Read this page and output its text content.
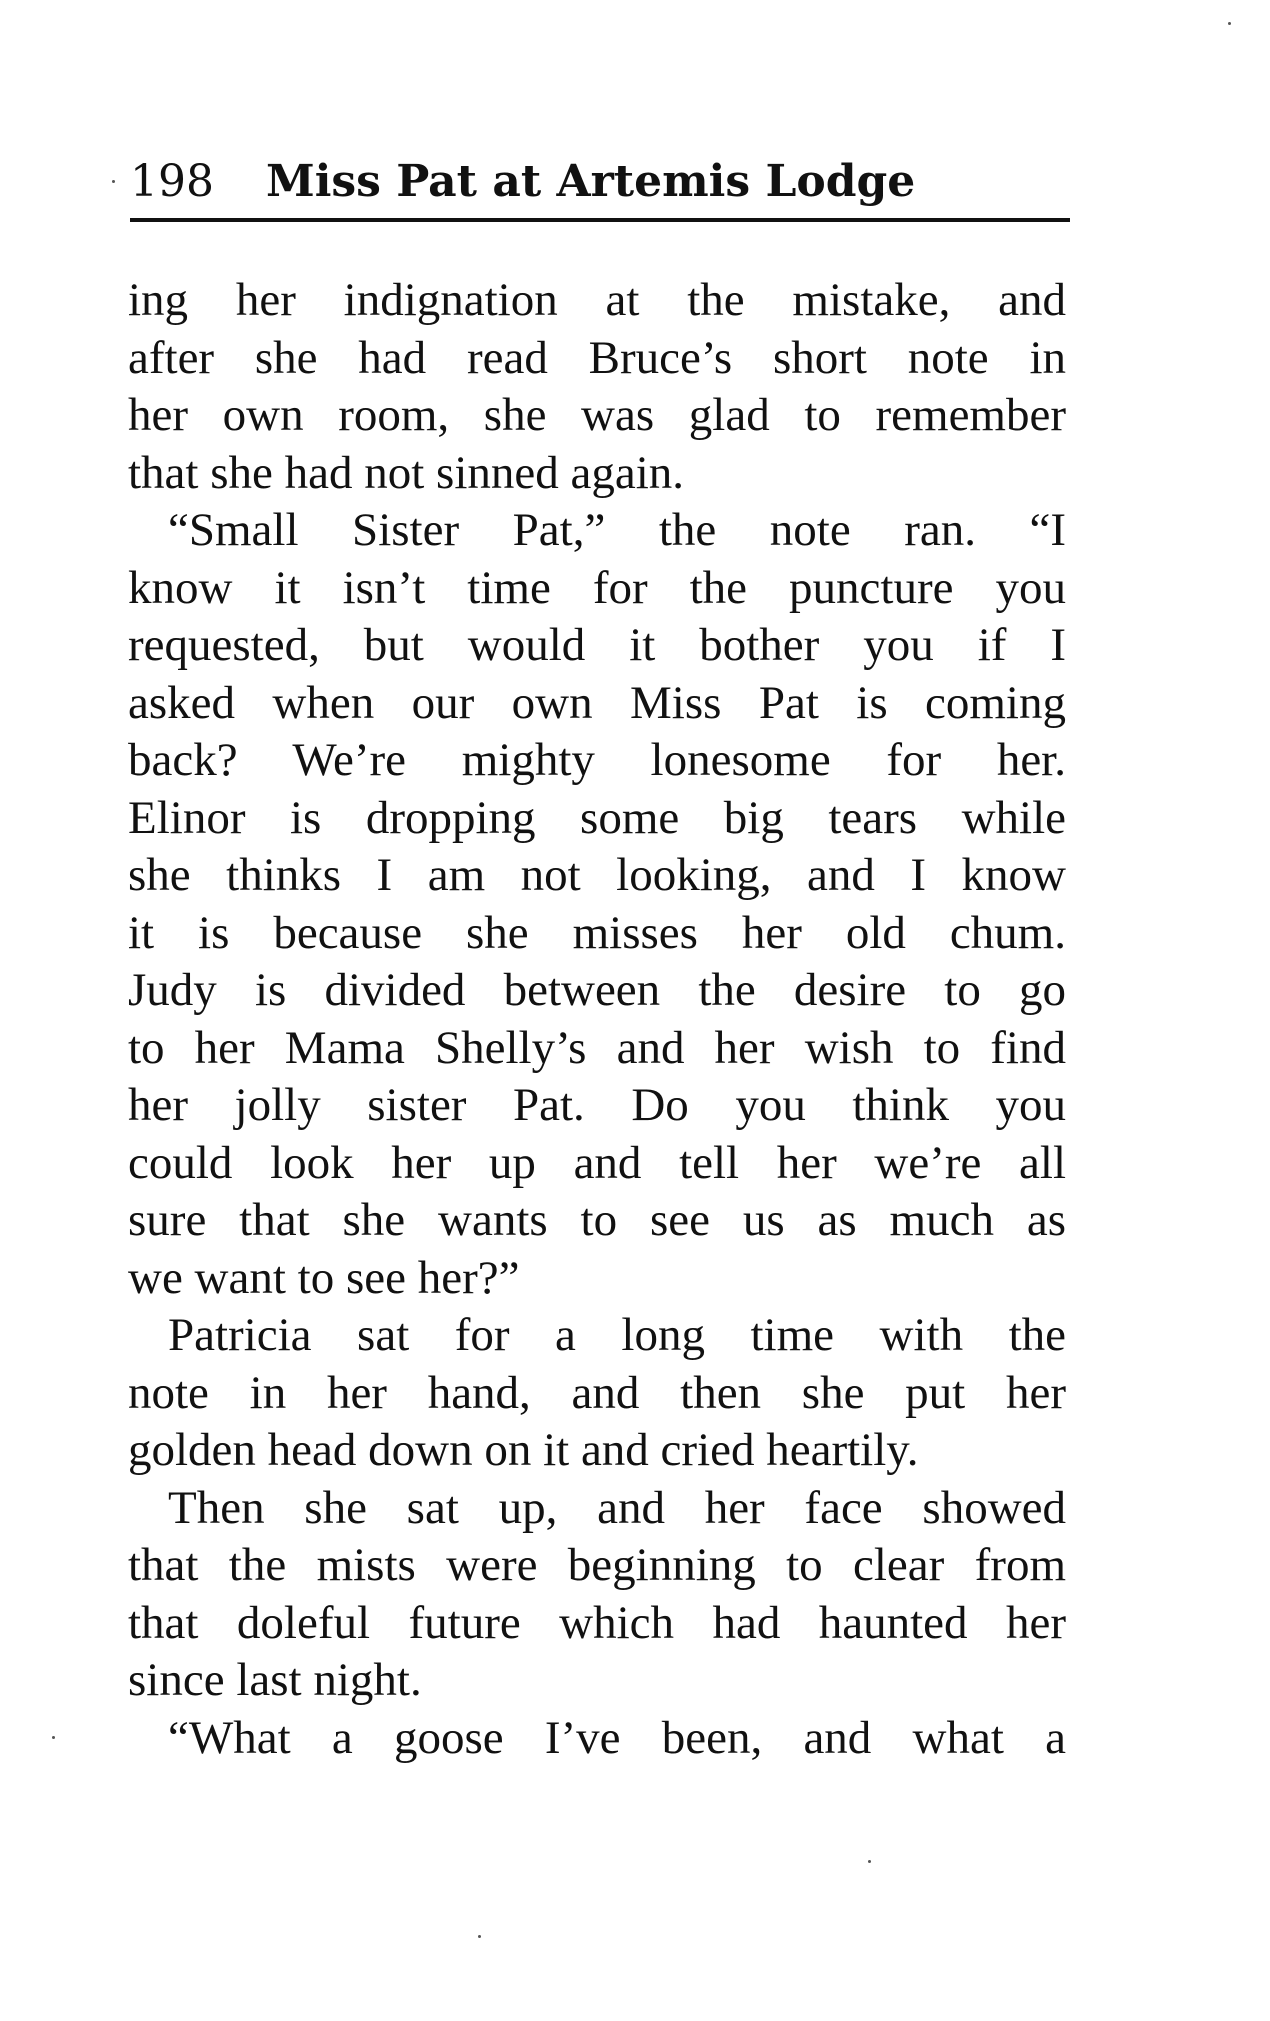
198 Miss Pat at Artemis Lodge
ing her indignation at the mistake, and
after she had read Bruce’s short note in
her own room, she was glad to remember
that she had not sinned again.
“Small Sister Pat,” the note ran. “I
know it isn’t time for the puncture you
requested, but would it bother you if I
asked when our own Miss Pat is coming
back? We’re mighty lonesome for her.
Elinor is dropping some big tears while
she thinks I am not looking, and I know
it is because she misses her old chum.
Judy is divided between the desire to go
to her Mama Shelly’s and her wish to find
her jolly sister Pat. Do you think you
could look her up and tell her we’re all
sure that she wants to see us as much as
we want to see her?”
Patricia sat for a long time with the
note in her hand, and then she put her
golden head down on it and cried heartily.
Then she sat up, and her face showed
that the mists were beginning to clear from
that doleful future which had haunted her
since last night.
“What a goose I’ve been, and what a
